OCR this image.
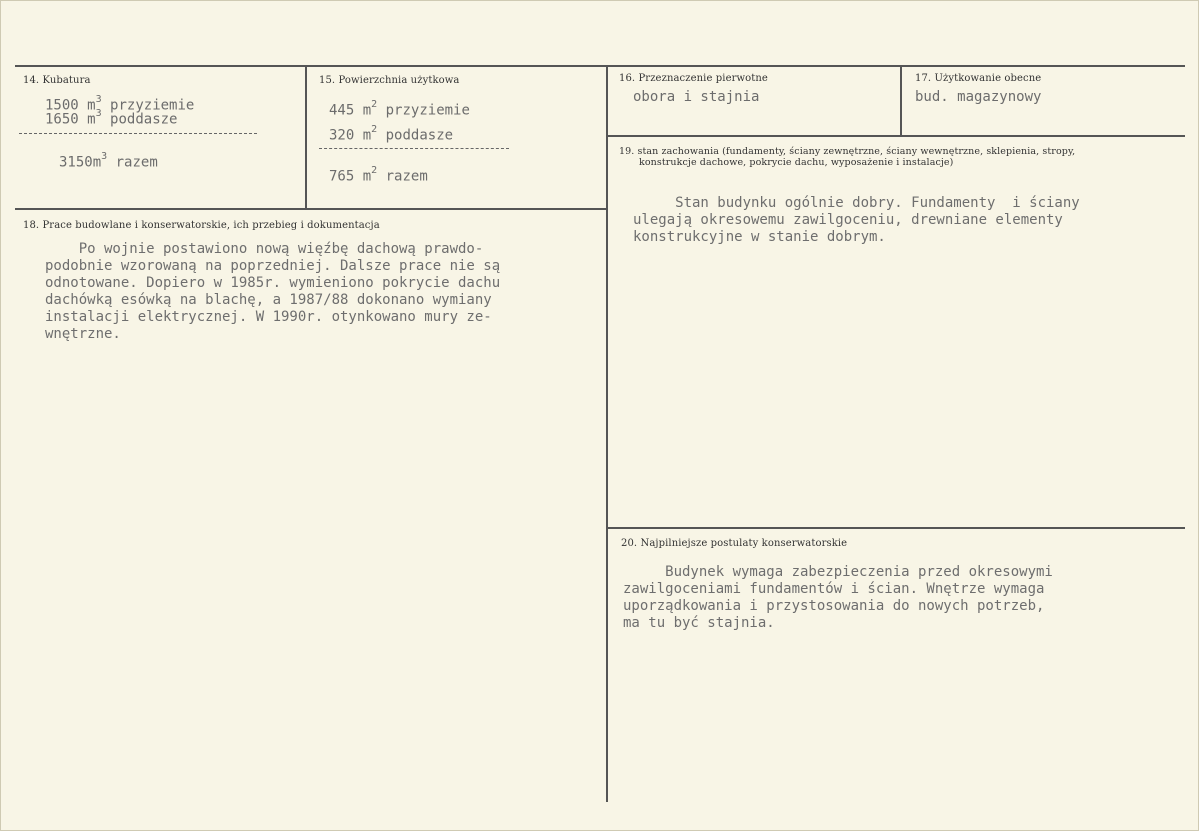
14. Kubatura
1500 $m^3$ przyziemie
1650 $m^3$ poddasze
$3150m^3$ razem
15. Powierzchnia użytkowa
445 $m^2$ przyziemie
320 $m^2$ poddasze
765 $m^2$ razem
16. Przeznaczenie pierwotne
obora i stajnia
17. Użytkowanie obecne
bud. magazynowy
18. Prace budowlane i konserwatorskie, ich przebieg i dokumentacja
Po wojnie postawiono nową więźbę dachową prawdo-
podobnie wzorowaną na poprzedniej. Dalsze prace nie są
odnotowane. Dopiero w 1985r. wymieniono pokrycie dachu
dachówką esówką na blachę, a 1987/88 dokonano wymiany
instalacji elektrycznej. W 1990r. otynkowano mury ze-
wnętrzne.
19. stan zachowania (fundamenty, ściany zewnętrzne, ściany wewnętrzne, sklepienia, stropy,
konstrukcje dachowe, pokrycie dachu, wyposażenie i instalacje)
Stan budynku ogólnie dobry. Fundamenty  i ściany
ulegają okresowemu zawilgoceniu, drewniane elementy
konstrukcyjne w stanie dobrym.
20. Najpilniejsze postulaty konserwatorskie
Budynek wymaga zabezpieczenia przed okresowymi
zawilgoceniami fundamentów i ścian. Wnętrze wymaga
uporządkowania i przystosowania do nowych potrzeb,
ma tu być stajnia.
